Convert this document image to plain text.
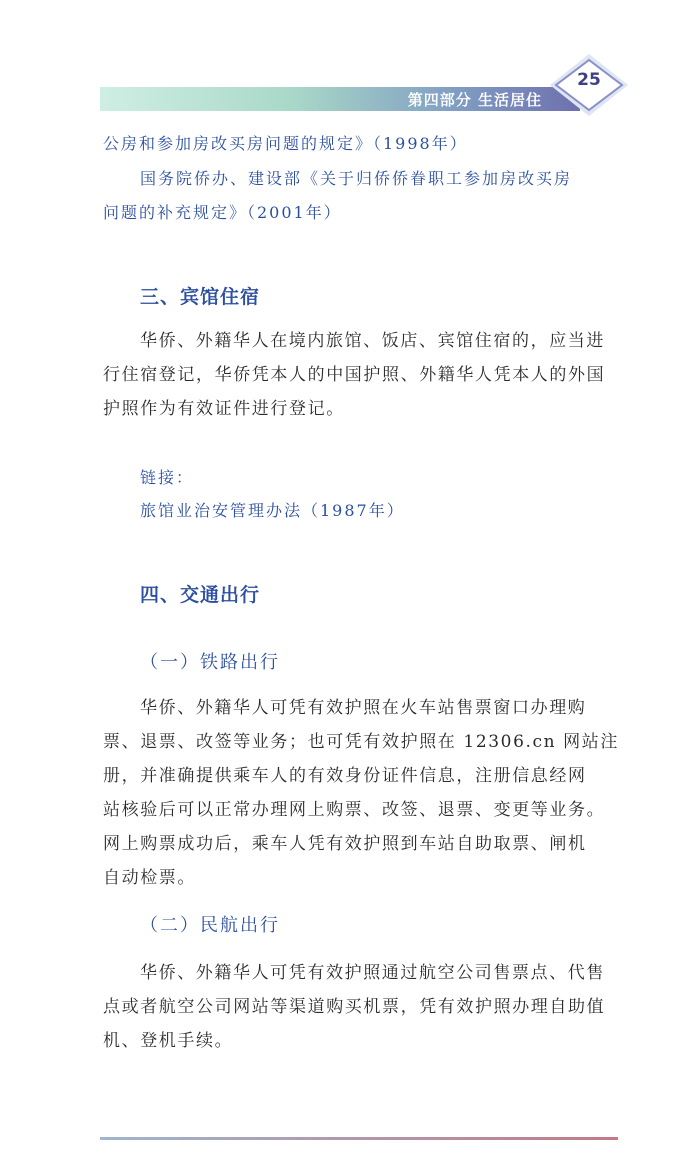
第四部分 生活居住
25
公房和参加房改买房问题的规定》（1998年）
国务院侨办、建设部《关于归侨侨眷职工参加房改买房
问题的补充规定》（2001年）
三、宾馆住宿
华侨、外籍华人在境内旅馆、饭店、宾馆住宿的，应当进
行住宿登记，华侨凭本人的中国护照、外籍华人凭本人的外国
护照作为有效证件进行登记。
链接：
旅馆业治安管理办法（1987年）
四、交通出行
（一）铁路出行
华侨、外籍华人可凭有效护照在火车站售票窗口办理购
票、退票、改签等业务；也可凭有效护照在 12306.cn 网站注
册，并准确提供乘车人的有效身份证件信息，注册信息经网
站核验后可以正常办理网上购票、改签、退票、变更等业务。
网上购票成功后，乘车人凭有效护照到车站自助取票、闸机
自动检票。
（二）民航出行
华侨、外籍华人可凭有效护照通过航空公司售票点、代售
点或者航空公司网站等渠道购买机票，凭有效护照办理自助值
机、登机手续。
